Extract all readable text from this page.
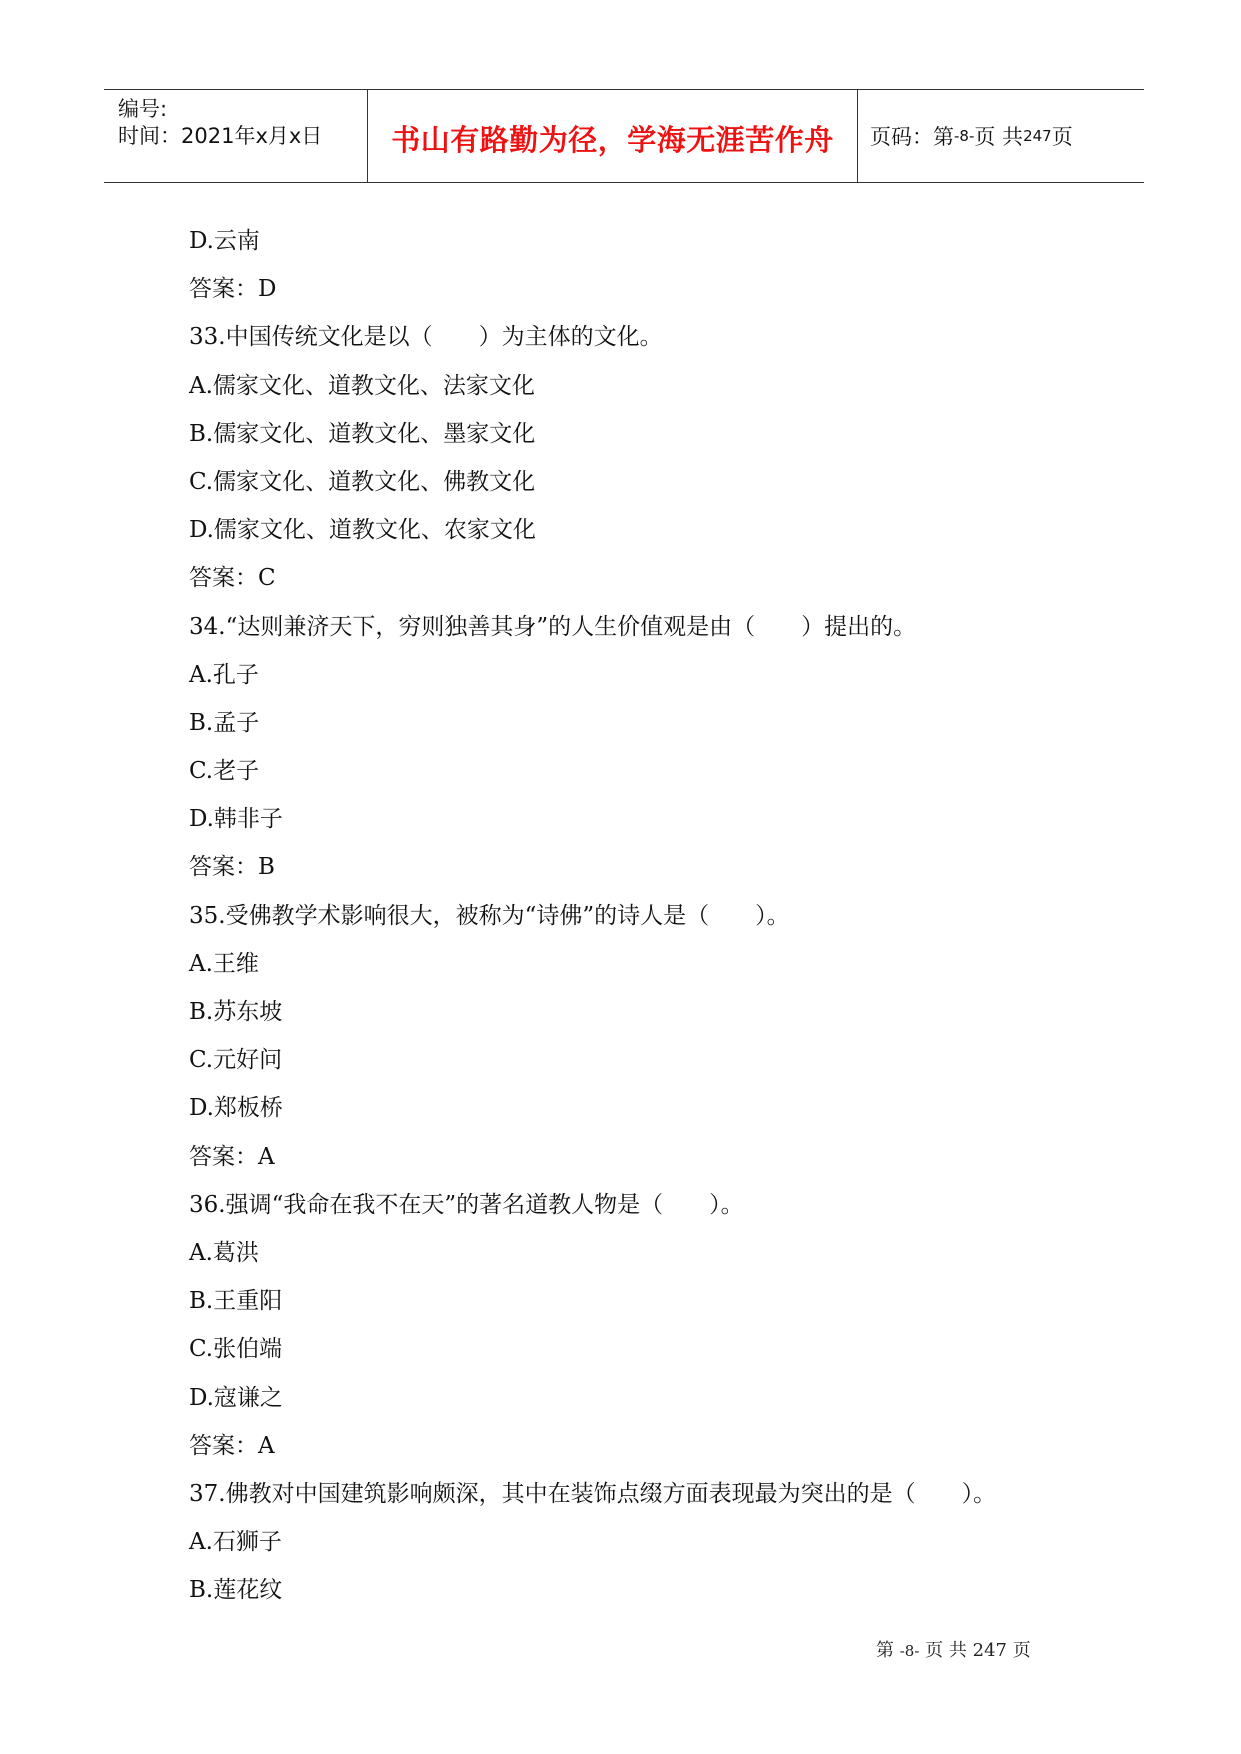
编号:
时间：2021年x月x日 书山有路勤为径，学海无涯苦作舟 页码：第 -8- 页 共 247 页
D.云南
答案：D
33.中国传统文化是以（　　）为主体的文化。
A.儒家文化、道教文化、法家文化
B.儒家文化、道教文化、墨家文化
C.儒家文化、道教文化、佛教文化
D.儒家文化、道教文化、农家文化
答案：C
34.“达则兼济天下，穷则独善其身”的人生价值观是由（　　）提出的。
A.孔子
B.孟子
C.老子
D.韩非子
答案：B
35.受佛教学术影响很大，被称为“诗佛”的诗人是（　　）。
A.王维
B.苏东坡
C.元好问
D.郑板桥
答案：A
36.强调“我命在我不在天”的著名道教人物是（　　）。
A.葛洪
B.王重阳
C.张伯端
D.寇谦之
答案：A
37.佛教对中国建筑影响颇深，其中在装饰点缀方面表现最为突出的是（　　）。
A.石狮子
B.莲花纹
第 -8- 页 共 247 页
